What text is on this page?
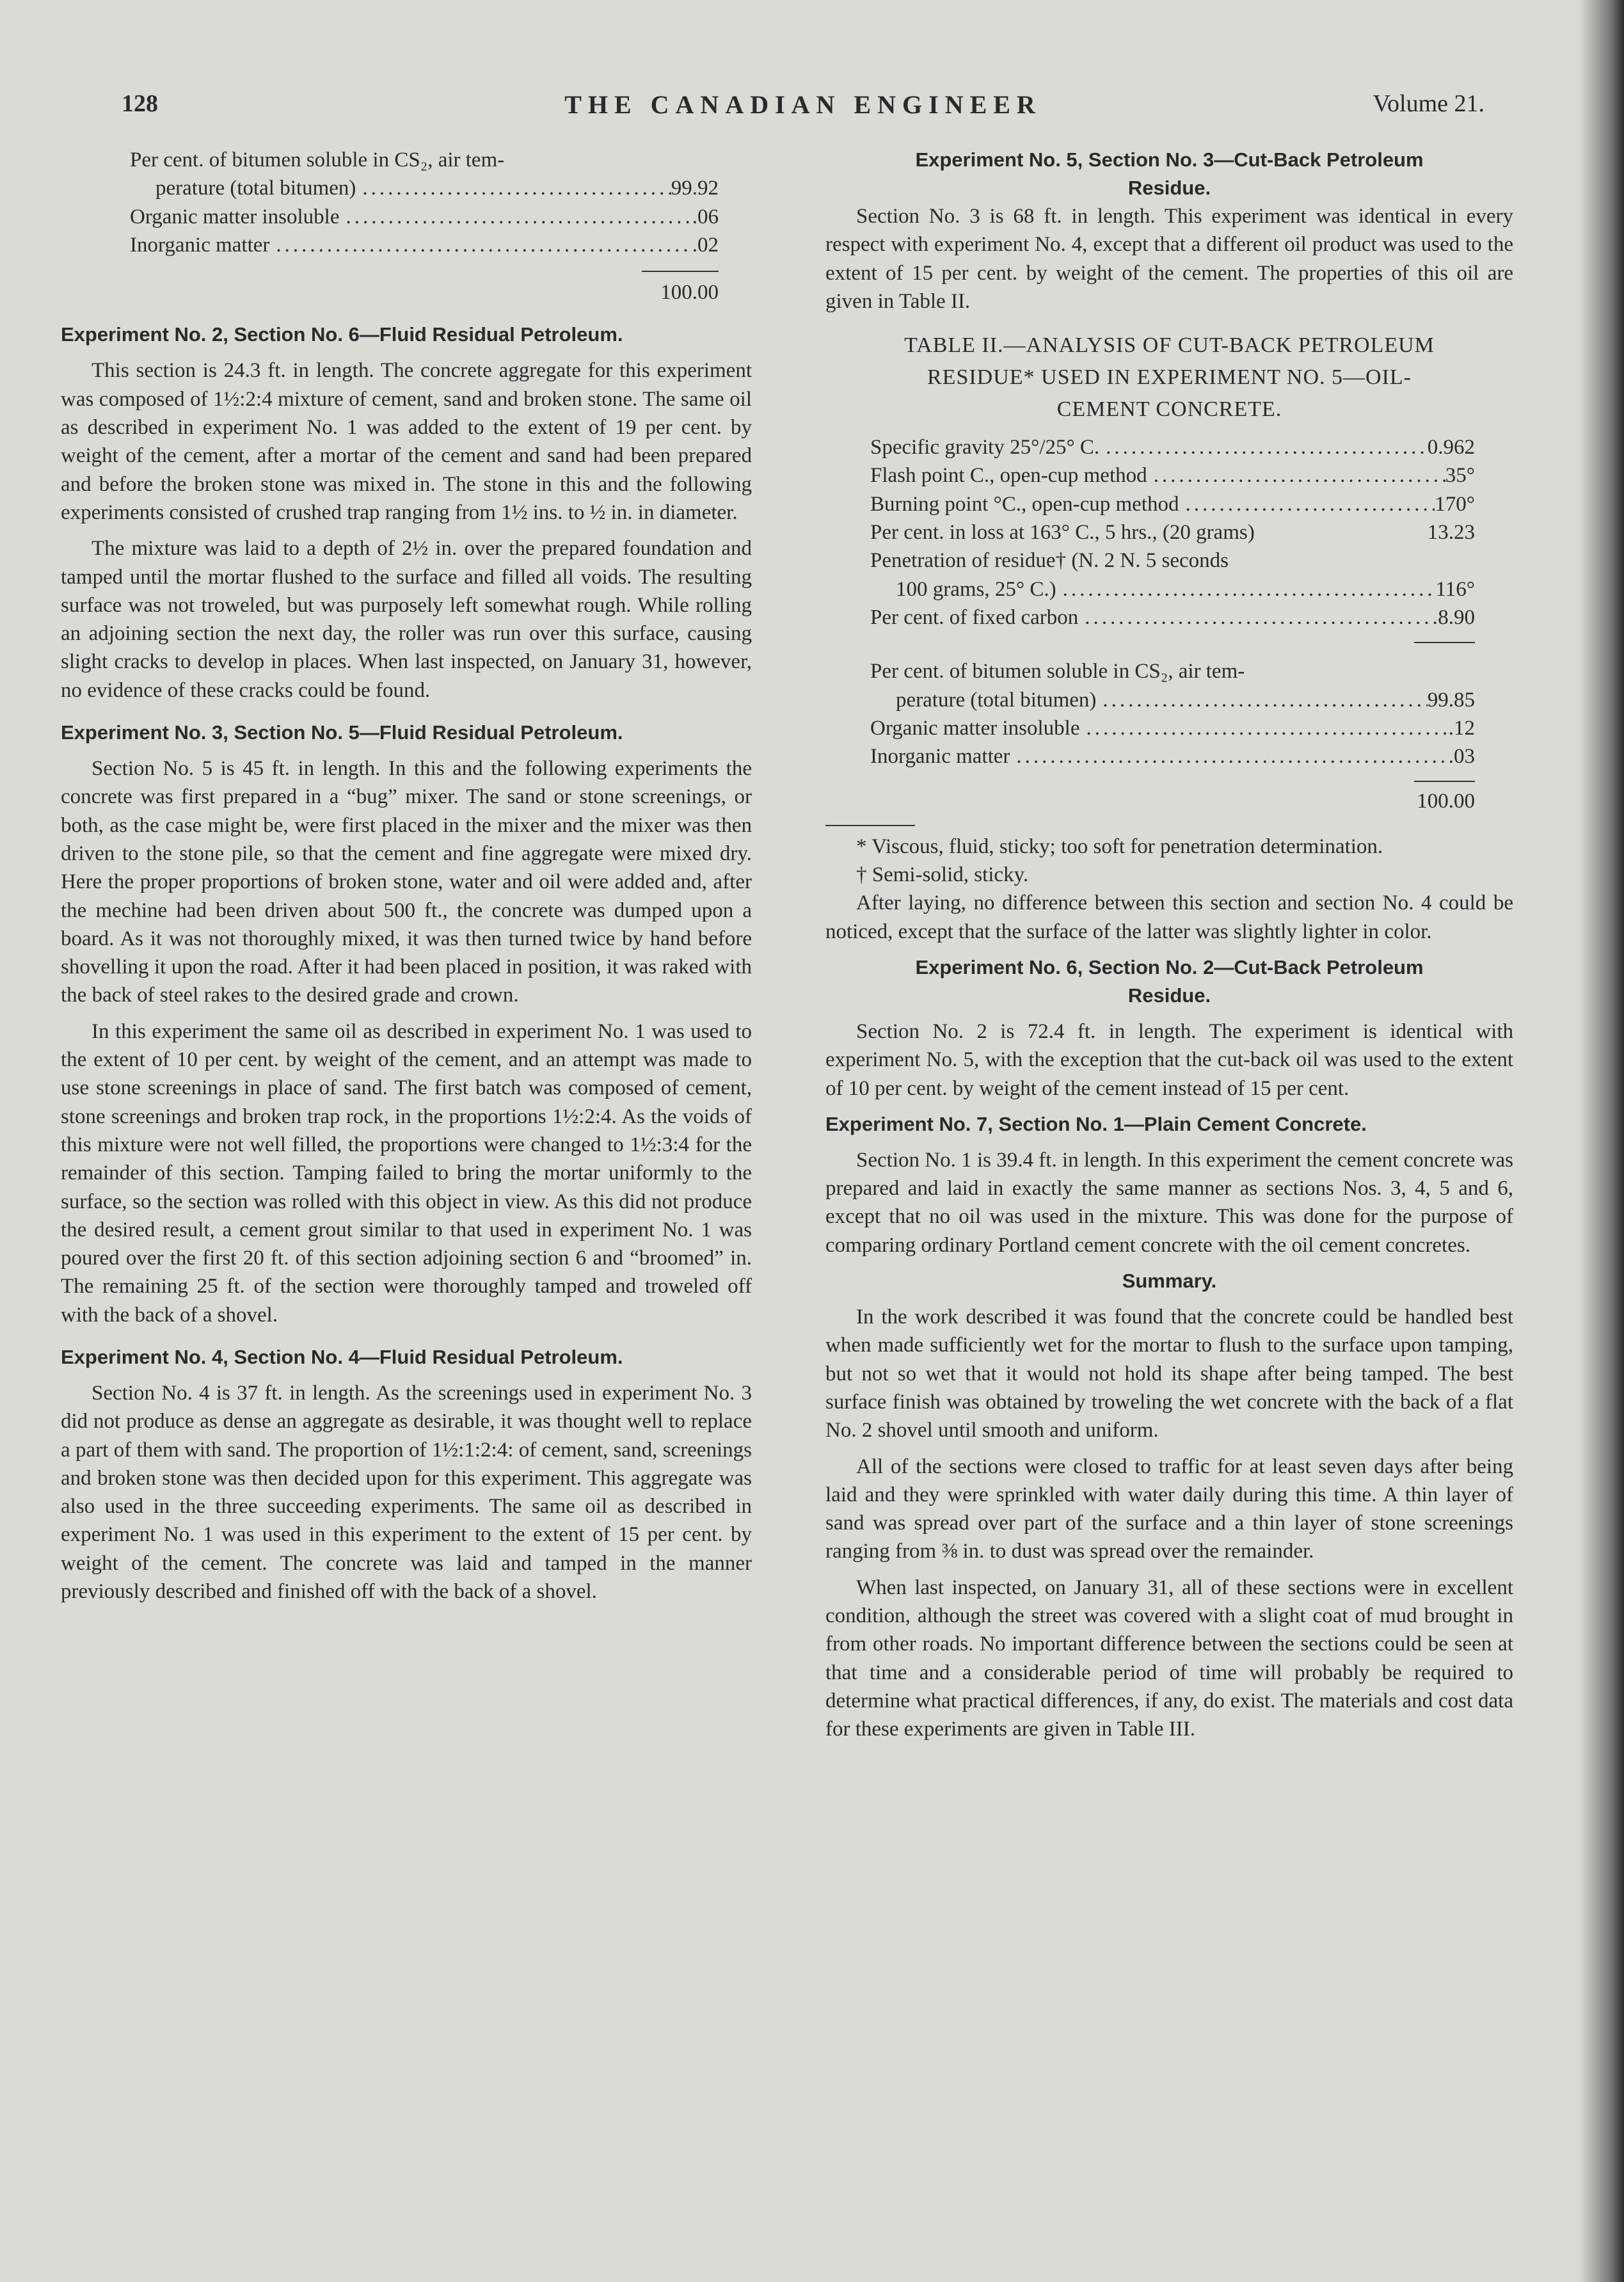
128	THE CANADIAN ENGINEER	Volume 21.
Per cent. of bitumen soluble in CS₂, air tem-
perature (total bitumen) .....	99.92
Organic matter insoluble .....	.06
Inorganic matter .....	.02
100.00
Experiment No. 2, Section No. 6—Fluid Residual Petroleum.

This section is 24.3 ft. in length. The concrete aggregate for this experiment was composed of 1½:2:4 mixture of cement, sand and broken stone. The same oil as described in experiment No. 1 was added to the extent of 19 per cent. by weight of the cement, after a mortar of the cement and sand had been prepared and before the broken stone was mixed in. The stone in this and the following experiments consisted of crushed trap ranging from 1½ ins. to ½ in. in diameter.

The mixture was laid to a depth of 2½ in. over the prepared foundation and tamped until the mortar flushed to the surface and filled all voids. The resulting surface was not troweled, but was purposely left somewhat rough. While rolling an adjoining section the next day, the roller was run over this surface, causing slight cracks to develop in places. When last inspected, on January 31, however, no evidence of these cracks could be found.

Experiment No. 3, Section No. 5—Fluid Residual Petroleum.

Section No. 5 is 45 ft. in length. In this and the following experiments the concrete was first prepared in a “bug” mixer. The sand or stone screenings, or both, as the case might be, were first placed in the mixer and the mixer was then driven to the stone pile, so that the cement and fine aggregate were mixed dry. Here the proper proportions of broken stone, water and oil were added and, after the mechine had been driven about 500 ft., the concrete was dumped upon a board. As it was not thoroughly mixed, it was then turned twice by hand before shovelling it upon the road. After it had been placed in position, it was raked with the back of steel rakes to the desired grade and crown.

In this experiment the same oil as described in experiment No. 1 was used to the extent of 10 per cent. by weight of the cement, and an attempt was made to use stone screenings in place of sand. The first batch was composed of cement, stone screenings and broken trap rock, in the proportions 1½:2:4. As the voids of this mixture were not well filled, the proportions were changed to 1½:3:4 for the remainder of this section. Tamping failed to bring the mortar uniformly to the surface, so the section was rolled with this object in view. As this did not produce the desired result, a cement grout similar to that used in experiment No. 1 was poured over the first 20 ft. of this section adjoining section 6 and “broomed” in. The remaining 25 ft. of the section were thoroughly tamped and troweled off with the back of a shovel.

Experiment No. 4, Section No. 4—Fluid Residual Petroleum.

Section No. 4 is 37 ft. in length. As the screenings used in experiment No. 3 did not produce as dense an aggregate as desirable, it was thought well to replace a part of them with sand. The proportion of 1½:1:2:4: of cement, sand, screenings and broken stone was then decided upon for this experiment. This aggregate was also used in the three succeeding experiments. The same oil as described in experiment No. 1 was used in this experiment to the extent of 15 per cent. by weight of the cement. The concrete was laid and tamped in the manner previously described and finished off with the back of a shovel.

Experiment No. 5, Section No. 3—Cut-Back Petroleum
Residue.

Section No. 3 is 68 ft. in length. This experiment was identical in every respect with experiment No. 4, except that a different oil product was used to the extent of 15 per cent. by weight of the cement. The properties of this oil are given in Table II.

TABLE II.—ANALYSIS OF CUT-BACK PETROLEUM
RESIDUE* USED IN EXPERIMENT NO. 5—OIL-
CEMENT CONCRETE.
Specific gravity 25°/25° C. .....	0.962
Flash point C., open-cup method .....	35°
Burning point °C., open-cup method .....	170°
Per cent. in loss at 163° C., 5 hrs., (20 grams)	13.23
Penetration of residue† (N. 2 N. 5 seconds
100 grams, 25° C.) .....	116°
Per cent. of fixed carbon .....	8.90
Per cent. of bitumen soluble in CS₂, air tem-
perature (total bitumen) .....	99.85
Organic matter insoluble .....	.12
Inorganic matter .....	.03
100.00

* Viscous, fluid, sticky; too soft for penetration determination.

† Semi-solid, sticky.

After laying, no difference between this section and section No. 4 could be noticed, except that the surface of the latter was slightly lighter in color.

Experiment No. 6, Section No. 2—Cut-Back Petroleum
Residue.

Section No. 2 is 72.4 ft. in length. The experiment is identical with experiment No. 5, with the exception that the cut-back oil was used to the extent of 10 per cent. by weight of the cement instead of 15 per cent.

Experiment No. 7, Section No. 1—Plain Cement Concrete.

Section No. 1 is 39.4 ft. in length. In this experiment the cement concrete was prepared and laid in exactly the same manner as sections Nos. 3, 4, 5 and 6, except that no oil was used in the mixture. This was done for the purpose of comparing ordinary Portland cement concrete with the oil cement concretes.

Summary.

In the work described it was found that the concrete could be handled best when made sufficiently wet for the mortar to flush to the surface upon tamping, but not so wet that it would not hold its shape after being tamped. The best surface finish was obtained by troweling the wet concrete with the back of a flat No. 2 shovel until smooth and uniform.

All of the sections were closed to traffic for at least seven days after being laid and they were sprinkled with water daily during this time. A thin layer of sand was spread over part of the surface and a thin layer of stone screenings ranging from ⅜ in. to dust was spread over the remainder.

When last inspected, on January 31, all of these sections were in excellent condition, although the street was covered with a slight coat of mud brought in from other roads. No important difference between the sections could be seen at that time and a considerable period of time will probably be required to determine what practical differences, if any, do exist. The materials and cost data for these experiments are given in Table III.
